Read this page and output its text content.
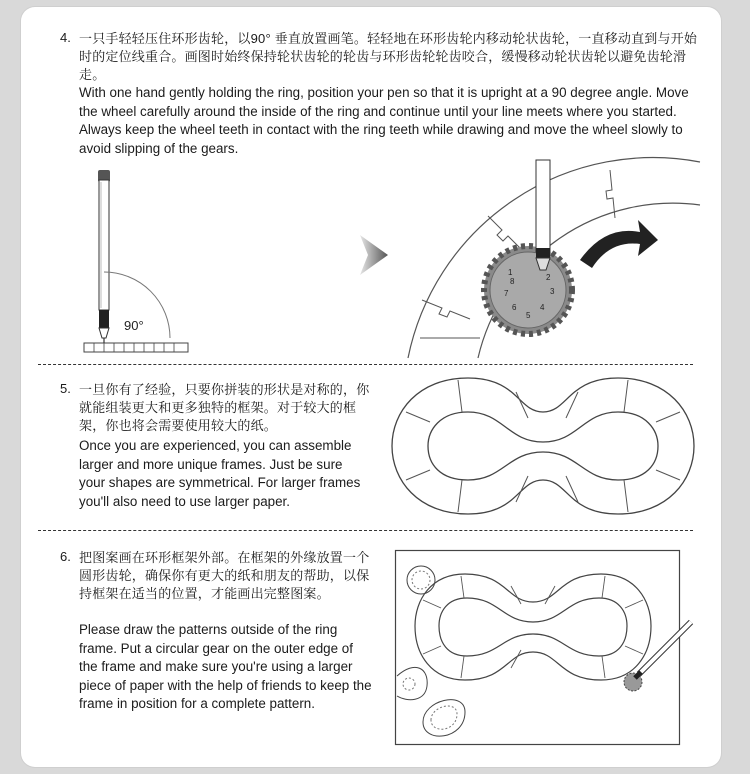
4. 一只手轻轻压住环形齿轮，以90° 垂直放置画笔。轻轻地在环形齿轮内移动轮状齿轮，一直移动直到与开始时的定位线重合。画图时始终保持轮状齿轮的轮齿与环形齿轮轮齿咬合，缓慢移动轮状齿轮以避免齿轮滑走。
With one hand gently holding the ring, position your pen so that it is upright at a 90 degree angle. Move the wheel carefully around the inside of the ring and continue until your line meets where you started. Always keep the wheel teeth in contact with the ring teeth while drawing and move the wheel slowly to avoid slipping of the gears.
90°
1
2
3
4
5
6
7
8
5. 一旦你有了经验，只要你拼装的形状是对称的，你就能组装更大和更多独特的框架。对于较大的框架，你也将会需要使用较大的纸。
Once you are experienced, you can assemble larger and more unique frames. Just be sure your shapes are symmetrical. For larger frames you'll also need to use larger paper.
6. 把图案画在环形框架外部。在框架的外缘放置一个圆形齿轮，确保你有更大的纸和朋友的帮助，以保持框架在适当的位置，才能画出完整图案。
Please draw the patterns outside of the ring frame. Put a circular gear on the outer edge of the frame and make sure you're using a larger piece of paper with the help of friends to keep the frame in position for a complete pattern.
